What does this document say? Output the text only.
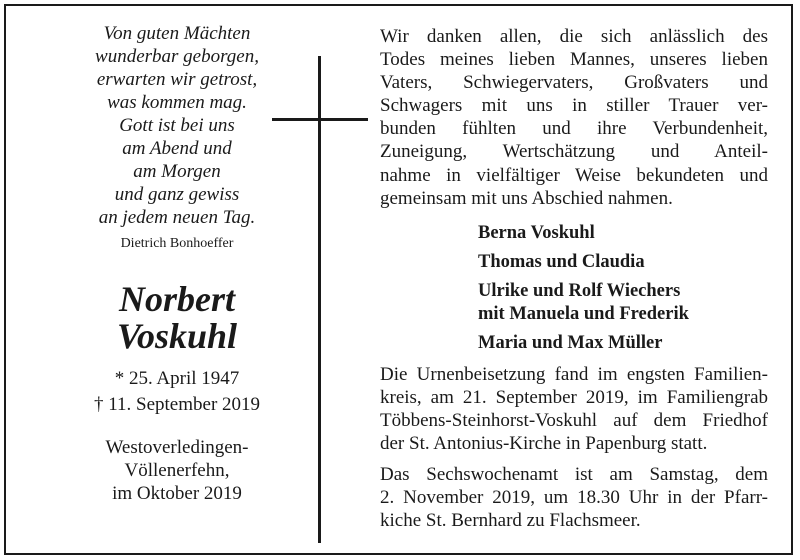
Von guten Mächten
wunderbar geborgen,
erwarten wir getrost,
was kommen mag.
Gott ist bei uns
am Abend und
am Morgen
und ganz gewiss
an jedem neuen Tag.
Dietrich Bonhoeffer
Norbert
Voskuhl
* 25. April 1947
† 11. September 2019
Westoverledingen-
Völlenerfehn,
im Oktober 2019
Wir danken allen, die sich anlässlich des
Todes meines lieben Mannes, unseres lieben
Vaters, Schwiegervaters, Großvaters und
Schwagers mit uns in stiller Trauer ver-
bunden fühlten und ihre Verbundenheit,
Zuneigung, Wertschätzung und Anteil-
nahme in vielfältiger Weise bekundeten und
gemeinsam mit uns Abschied nahmen.
Berna Voskuhl
Thomas und Claudia
Ulrike und Rolf Wiechers
mit Manuela und Frederik
Maria und Max Müller
Die Urnenbeisetzung fand im engsten Familien-
kreis, am 21. September 2019, im Familiengrab
Többens-Steinhorst-Voskuhl auf dem Friedhof
der St. Antonius-Kirche in Papenburg statt.
Das Sechswochenamt ist am Samstag, dem
2. November 2019, um 18.30 Uhr in der Pfarr-
kiche St. Bernhard zu Flachsmeer.
